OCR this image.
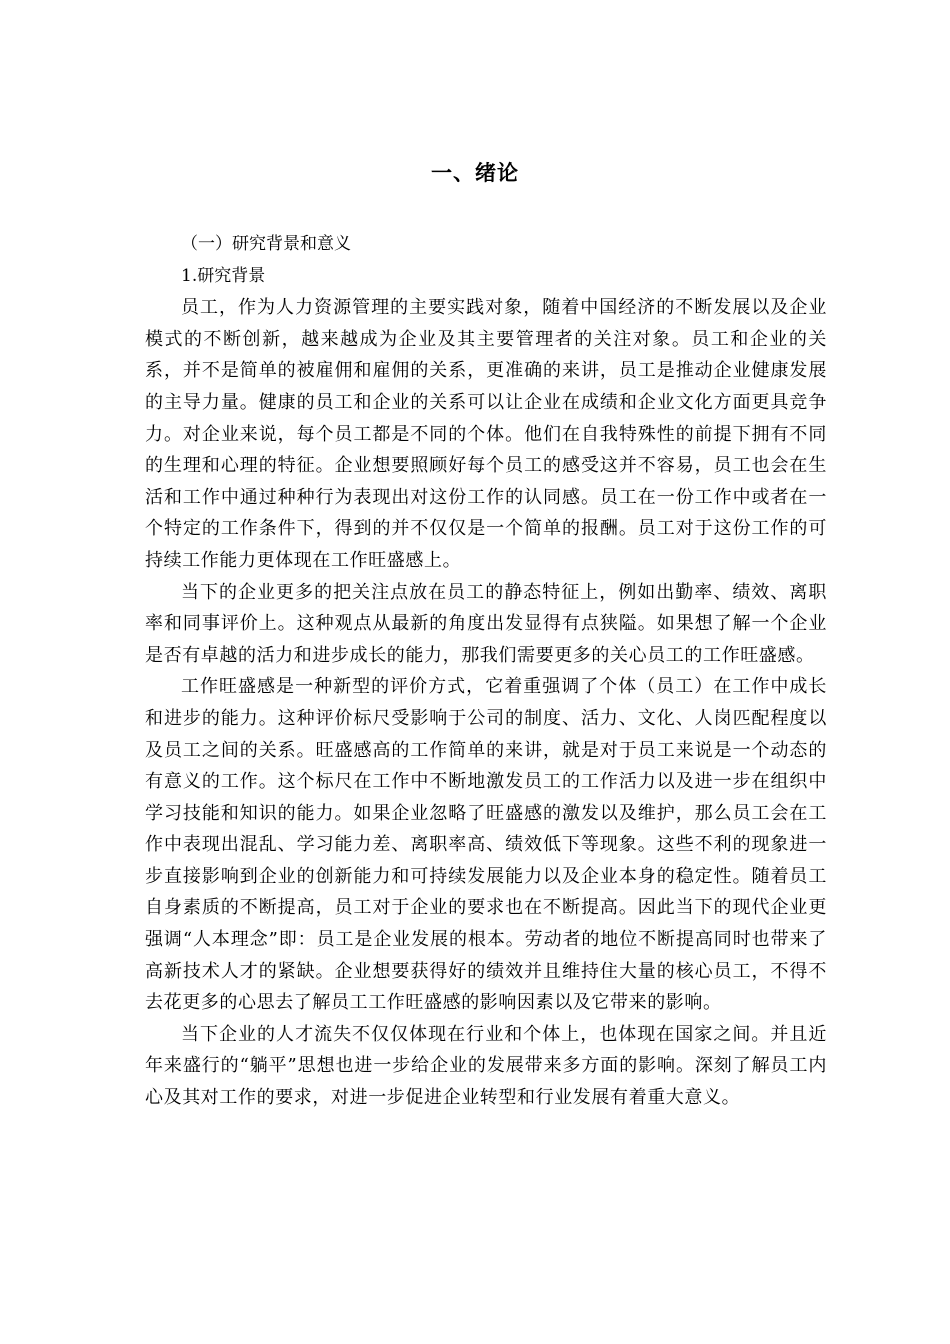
一、绪论

（一）研究背景和意义

1.研究背景

员工，作为人力资源管理的主要实践对象，随着中国经济的不断发展以及企业模式的不断创新，越来越成为企业及其主要管理者的关注对象。员工和企业的关系，并不是简单的被雇佣和雇佣的关系，更准确的来讲，员工是推动企业健康发展的主导力量。健康的员工和企业的关系可以让企业在成绩和企业文化方面更具竞争力。对企业来说，每个员工都是不同的个体。他们在自我特殊性的前提下拥有不同的生理和心理的特征。企业想要照顾好每个员工的感受这并不容易，员工也会在生活和工作中通过种种行为表现出对这份工作的认同感。员工在一份工作中或者在一个特定的工作条件下，得到的并不仅仅是一个简单的报酬。员工对于这份工作的可持续工作能力更体现在工作旺盛感上。

当下的企业更多的把关注点放在员工的静态特征上，例如出勤率、绩效、离职率和同事评价上。这种观点从最新的角度出发显得有点狭隘。如果想了解一个企业是否有卓越的活力和进步成长的能力，那我们需要更多的关心员工的工作旺盛感。

工作旺盛感是一种新型的评价方式，它着重强调了个体（员工）在工作中成长和进步的能力。这种评价标尺受影响于公司的制度、活力、文化、人岗匹配程度以及员工之间的关系。旺盛感高的工作简单的来讲，就是对于员工来说是一个动态的有意义的工作。这个标尺在工作中不断地激发员工的工作活力以及进一步在组织中学习技能和知识的能力。如果企业忽略了旺盛感的激发以及维护，那么员工会在工作中表现出混乱、学习能力差、离职率高、绩效低下等现象。这些不利的现象进一步直接影响到企业的创新能力和可持续发展能力以及企业本身的稳定性。随着员工自身素质的不断提高，员工对于企业的要求也在不断提高。因此当下的现代企业更强调“人本理念”即：员工是企业发展的根本。劳动者的地位不断提高同时也带来了高新技术人才的紧缺。企业想要获得好的绩效并且维持住大量的核心员工，不得不去花更多的心思去了解员工工作旺盛感的影响因素以及它带来的影响。

当下企业的人才流失不仅仅体现在行业和个体上，也体现在国家之间。并且近年来盛行的“躺平”思想也进一步给企业的发展带来多方面的影响。深刻了解员工内心及其对工作的要求，对进一步促进企业转型和行业发展有着重大意义。
